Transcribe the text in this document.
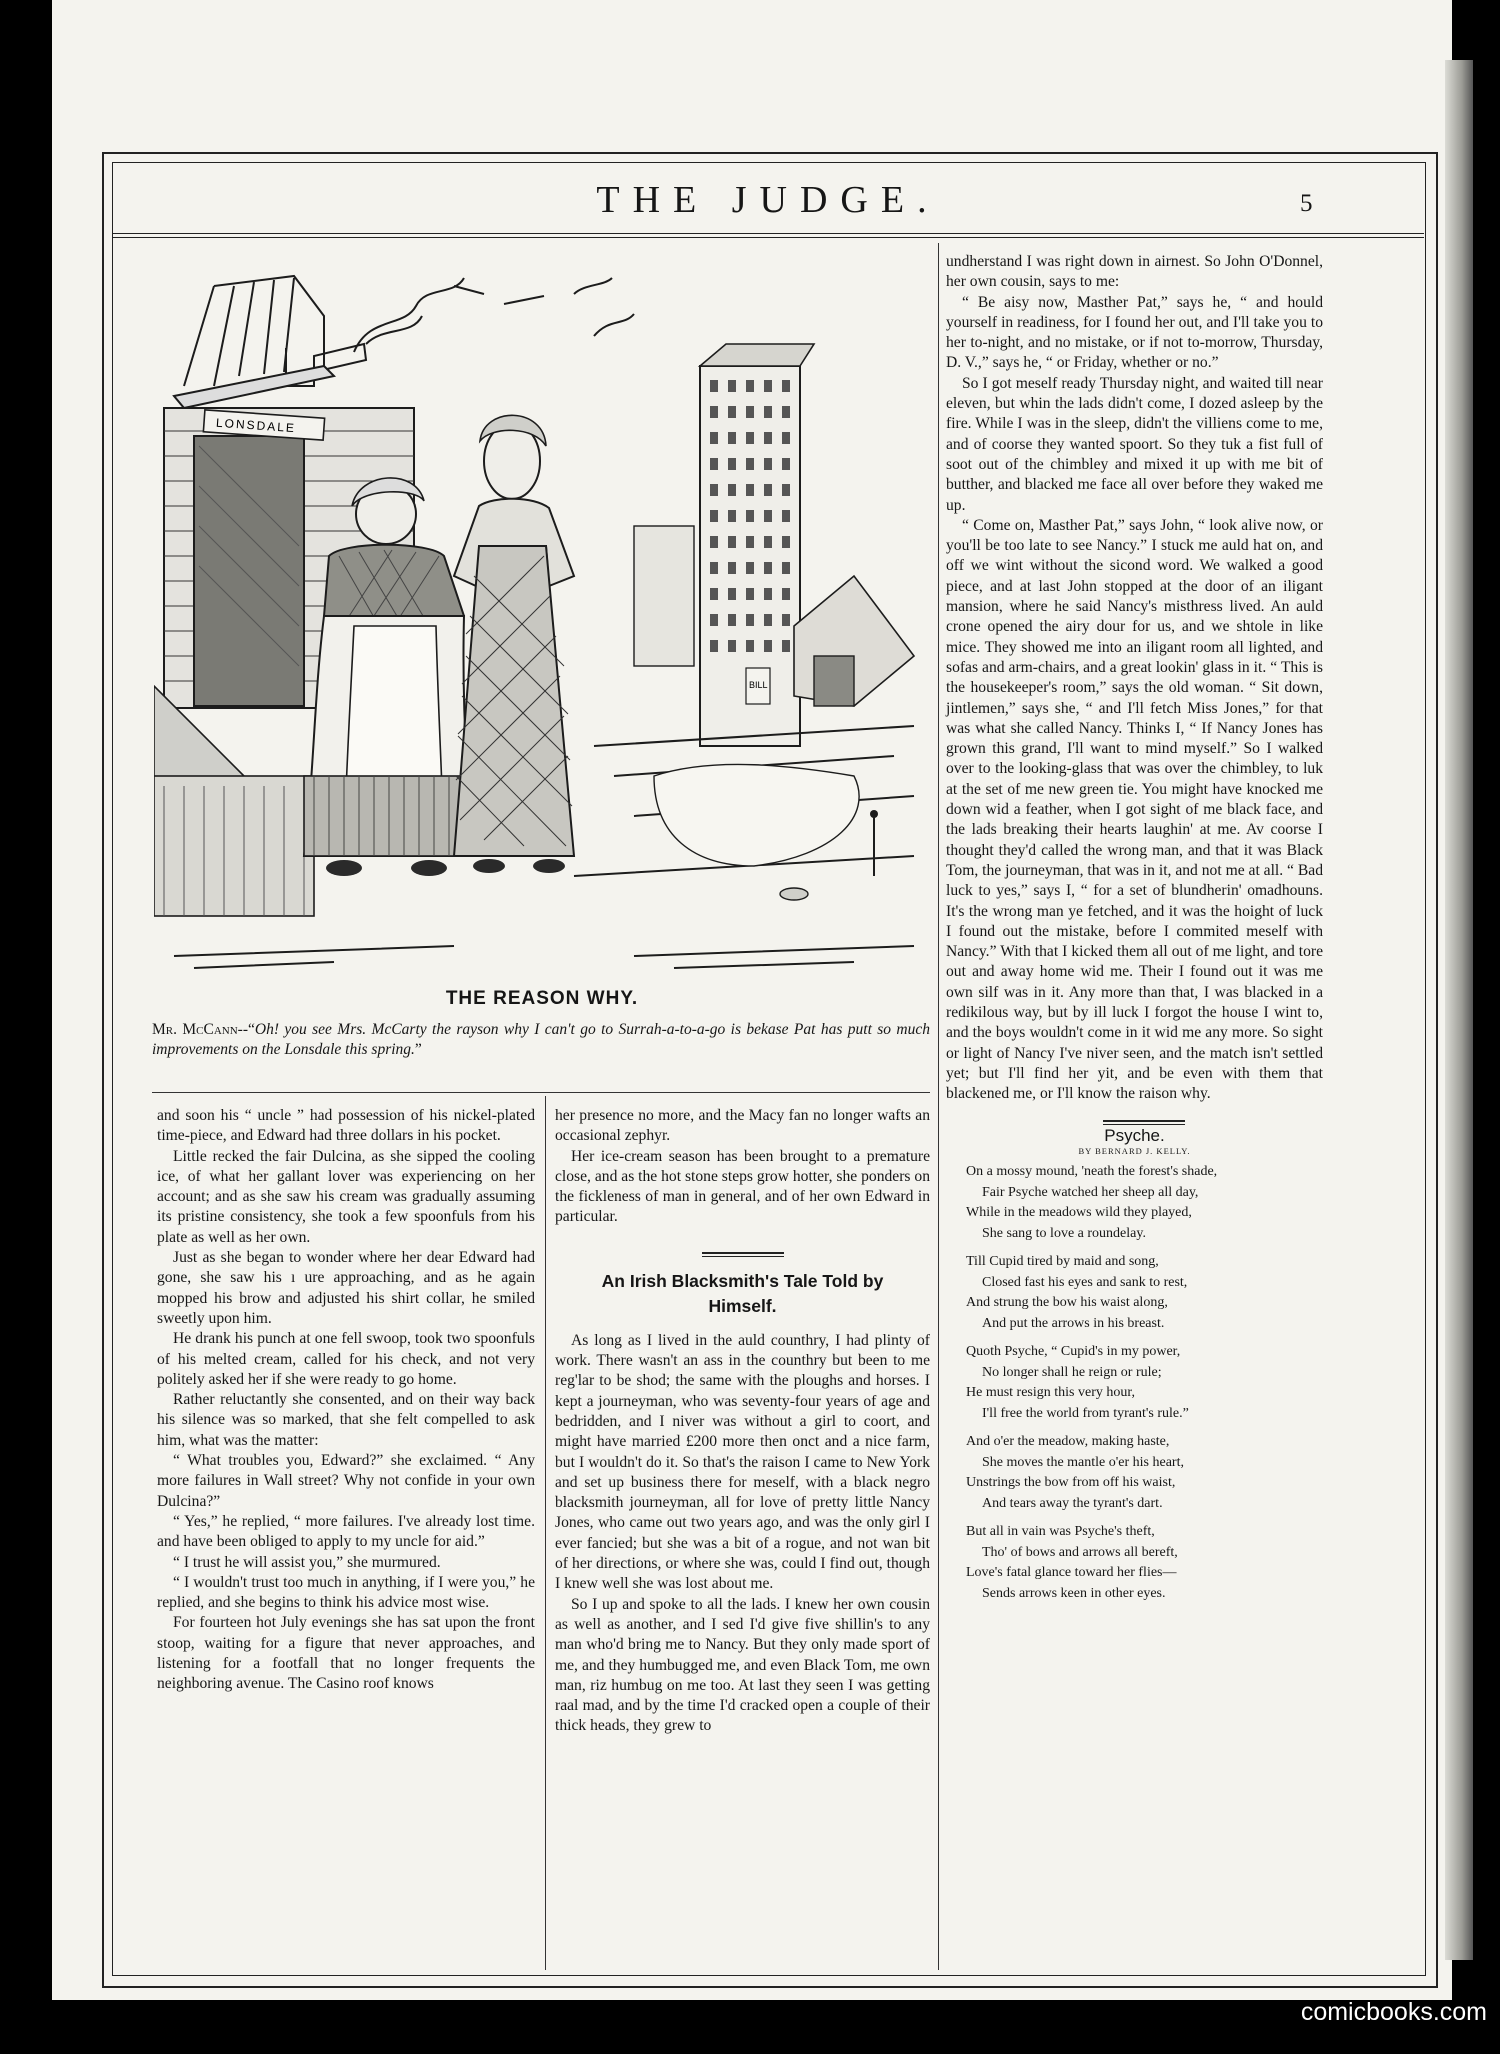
THE JUDGE.	5
LONSDALE
BILL
THE REASON WHY.
Mr. McCann--“Oh! you see Mrs. McCarty the rayson why I can't go to Surrah-a-to-a-go is bekase Pat has putt so much improvements on the Lonsdale this spring.”

and soon his “ uncle ” had possession of his nickel-plated time-piece, and Edward had three dollars in his pocket.

Little recked the fair Dulcina, as she sipped the cooling ice, of what her gallant lover was experiencing on her account; and as she saw his cream was gradually assuming its pristine consistency, she took a few spoonfuls from his plate as well as her own.

Just as she began to wonder where her dear Edward had gone, she saw his ı ure approaching, and as he again mopped his brow and adjusted his shirt collar, he smiled sweetly upon him.

He drank his punch at one fell swoop, took two spoonfuls of his melted cream, called for his check, and not very politely asked her if she were ready to go home.

Rather reluctantly she consented, and on their way back his silence was so marked, that she felt compelled to ask him, what was the matter:

“ What troubles you, Edward?” she exclaimed. “ Any more failures in Wall street? Why not confide in your own Dulcina?”

“ Yes,” he replied, “ more failures. I've already lost time. and have been obliged to apply to my uncle for aid.”

“ I trust he will assist you,” she murmured.

“ I wouldn't trust too much in anything, if I were you,” he replied, and she begins to think his advice most wise.

For fourteen hot July evenings she has sat upon the front stoop, waiting for a figure that never approaches, and listening for a footfall that no longer frequents the neighboring avenue. The Casino roof knows

her presence no more, and the Macy fan no longer wafts an occasional zephyr.

Her ice-cream season has been brought to a premature close, and as the hot stone steps grow hotter, she ponders on the fickleness of man in general, and of her own Edward in particular.

An Irish Blacksmith's Tale Told by
Himself.

As long as I lived in the auld counthry, I had plinty of work. There wasn't an ass in the counthry but been to me reg'lar to be shod; the same with the ploughs and horses. I kept a journeyman, who was seventy-four years of age and bedridden, and I niver was without a girl to coort, and might have married £200 more then onct and a nice farm, but I wouldn't do it. So that's the raison I came to New York and set up business there for meself, with a black negro blacksmith journeyman, all for love of pretty little Nancy Jones, who came out two years ago, and was the only girl I ever fancied; but she was a bit of a rogue, and not wan bit of her directions, or where she was, could I find out, though I knew well she was lost about me.

So I up and spoke to all the lads. I knew her own cousin as well as another, and I sed I'd give five shillin's to any man who'd bring me to Nancy. But they only made sport of me, and they humbugged me, and even Black Tom, me own man, riz humbug on me too. At last they seen I was getting raal mad, and by the time I'd cracked open a couple of their thick heads, they grew to

undherstand I was right down in airnest. So John O'Donnel, her own cousin, says to me:

“ Be aisy now, Masther Pat,” says he, “ and hould yourself in readiness, for I found her out, and I'll take you to her to-night, and no mistake, or if not to-morrow, Thursday, D. V.,” says he, “ or Friday, whether or no.”

So I got meself ready Thursday night, and waited till near eleven, but whin the lads didn't come, I dozed asleep by the fire. While I was in the sleep, didn't the villiens come to me, and of coorse they wanted spoort. So they tuk a fist full of soot out of the chimbley and mixed it up with me bit of butther, and blacked me face all over before they waked me up.

“ Come on, Masther Pat,” says John, “ look alive now, or you'll be too late to see Nancy.” I stuck me auld hat on, and off we wint without the sicond word. We walked a good piece, and at last John stopped at the door of an iligant mansion, where he said Nancy's misthress lived. An auld crone opened the airy dour for us, and we shtole in like mice. They showed me into an iligant room all lighted, and sofas and arm-chairs, and a great lookin' glass in it. “ This is the housekeeper's room,” says the old woman. “ Sit down, jintlemen,” says she, “ and I'll fetch Miss Jones,” for that was what she called Nancy. Thinks I, “ If Nancy Jones has grown this grand, I'll want to mind myself.” So I walked over to the looking-glass that was over the chimbley, to luk at the set of me new green tie. You might have knocked me down wid a feather, when I got sight of me black face, and the lads breaking their hearts laughin' at me. Av coorse I thought they'd called the wrong man, and that it was Black Tom, the journeyman, that was in it, and not me at all. “ Bad luck to yes,” says I, “ for a set of blundherin' omadhouns. It's the wrong man ye fetched, and it was the hoight of luck I found out the mistake, before I commited meself with Nancy.” With that I kicked them all out of me light, and tore out and away home wid me. Their I found out it was me own silf was in it. Any more than that, I was blacked in a redikilous way, but by ill luck I forgot the house I wint to, and the boys wouldn't come in it wid me any more. So sight or light of Nancy I've niver seen, and the match isn't settled yet; but I'll find her yit, and be even with them that blackened me, or I'll know the raison why.

Psyche.
BY BERNARD J. KELLY.
On a mossy mound, 'neath the forest's shade,
Fair Psyche watched her sheep all day,
While in the meadows wild they played,
She sang to love a roundelay.
Till Cupid tired by maid and song,
Closed fast his eyes and sank to rest,
And strung the bow his waist along,
And put the arrows in his breast.
Quoth Psyche, “ Cupid's in my power,
No longer shall he reign or rule;
He must resign this very hour,
I'll free the world from tyrant's rule.”
And o'er the meadow, making haste,
She moves the mantle o'er his heart,
Unstrings the bow from off his waist,
And tears away the tyrant's dart.
But all in vain was Psyche's theft,
Tho' of bows and arrows all bereft,
Love's fatal glance toward her flies—
Sends arrows keen in other eyes.
comicbooks.com
